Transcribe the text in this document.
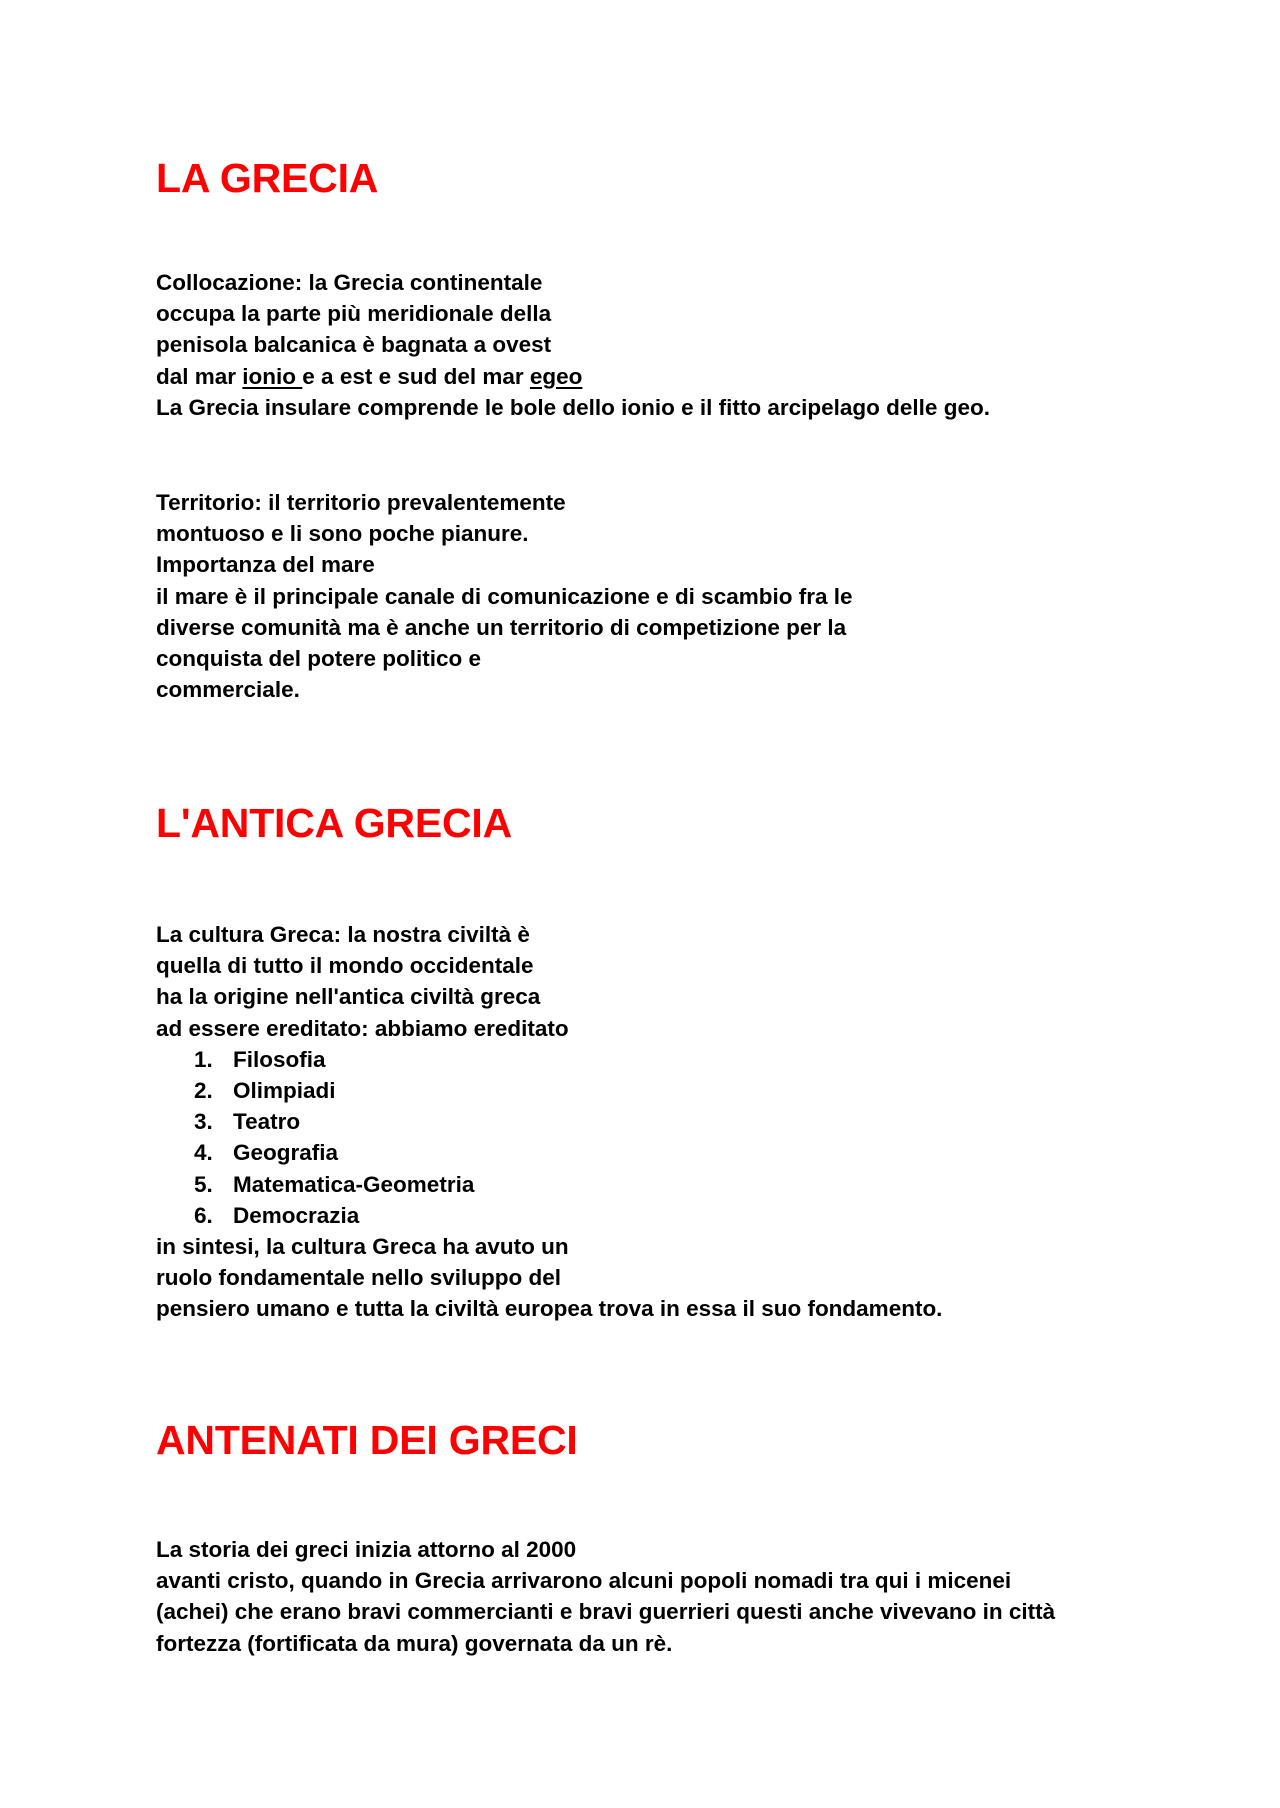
LA GRECIA
Collocazione: la Grecia continentale
occupa la parte più meridionale della
penisola balcanica è bagnata a ovest
dal mar ionio e a est e sud del mar egeo
La Grecia insulare comprende le bole dello ionio e il fitto arcipelago delle geo.
Territorio: il territorio prevalentemente
montuoso e li sono poche pianure.
Importanza del mare
il mare è il principale canale di comunicazione e di scambio fra le
diverse comunità ma è anche un territorio di competizione per la
conquista del potere politico e
commerciale.
L'ANTICA GRECIA
La cultura Greca: la nostra civiltà è
quella di tutto il mondo occidentale
ha la origine nell'antica civiltà greca
ad essere ereditato: abbiamo ereditato
1. Filosofia
2. Olimpiadi
3. Teatro
4. Geografia
5. Matematica-Geometria
6. Democrazia
in sintesi, la cultura Greca ha avuto un
ruolo fondamentale nello sviluppo del
pensiero umano e tutta la civiltà europea trova in essa il suo fondamento.
ANTENATI DEI GRECI
La storia dei greci inizia attorno al 2000
avanti cristo, quando in Grecia arrivarono alcuni popoli nomadi tra qui i micenei
(achei) che erano bravi commercianti e bravi guerrieri questi anche vivevano in città
fortezza (fortificata da mura) governata da un rè.
